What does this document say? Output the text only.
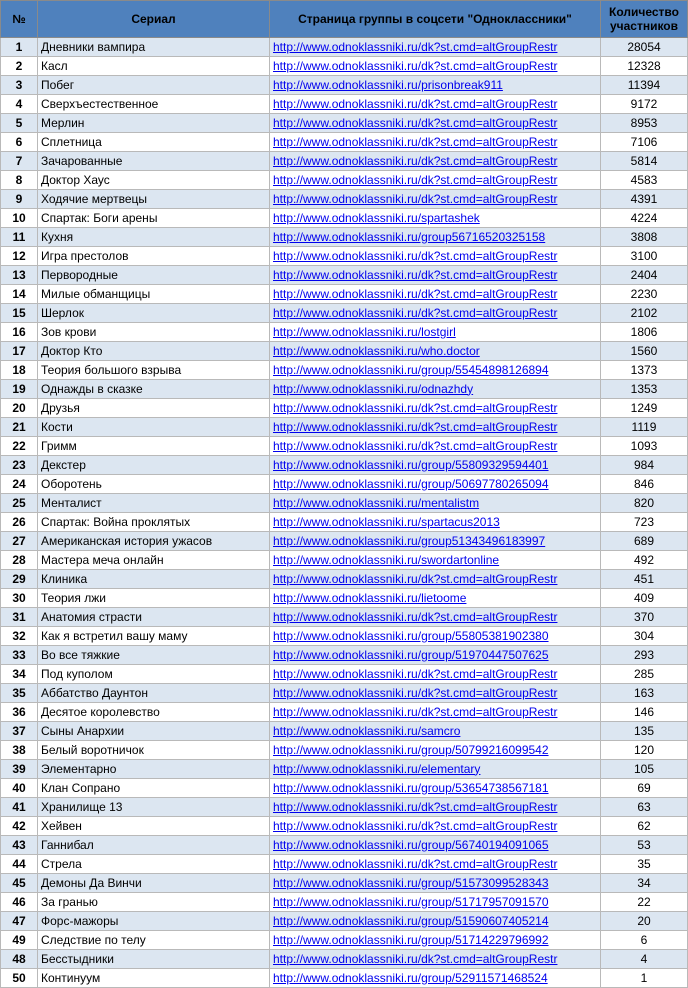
№	Сериал	Страница группы в соцсети "Одноклассники"	Количество участников
1	Дневники вампира	http://www.odnoklassniki.ru/dk?st.cmd=altGroupRestr	28054
2	Касл	http://www.odnoklassniki.ru/dk?st.cmd=altGroupRestr	12328
3	Побег	http://www.odnoklassniki.ru/prisonbreak911	11394
4	Сверхъестественное	http://www.odnoklassniki.ru/dk?st.cmd=altGroupRestr	9172
5	Мерлин	http://www.odnoklassniki.ru/dk?st.cmd=altGroupRestr	8953
6	Сплетница	http://www.odnoklassniki.ru/dk?st.cmd=altGroupRestr	7106
7	Зачарованные	http://www.odnoklassniki.ru/dk?st.cmd=altGroupRestr	5814
8	Доктор Хаус	http://www.odnoklassniki.ru/dk?st.cmd=altGroupRestr	4583
9	Ходячие мертвецы	http://www.odnoklassniki.ru/dk?st.cmd=altGroupRestr	4391
10	Спартак: Боги арены	http://www.odnoklassniki.ru/spartashek	4224
11	Кухня	http://www.odnoklassniki.ru/group56716520325158	3808
12	Игра престолов	http://www.odnoklassniki.ru/dk?st.cmd=altGroupRestr	3100
13	Первородные	http://www.odnoklassniki.ru/dk?st.cmd=altGroupRestr	2404
14	Милые обманщицы	http://www.odnoklassniki.ru/dk?st.cmd=altGroupRestr	2230
15	Шерлок	http://www.odnoklassniki.ru/dk?st.cmd=altGroupRestr	2102
16	Зов крови	http://www.odnoklassniki.ru/lostgirl	1806
17	Доктор Кто	http://www.odnoklassniki.ru/who.doctor	1560
18	Теория большого взрыва	http://www.odnoklassniki.ru/group/55454898126894	1373
19	Однажды в сказке	http://www.odnoklassniki.ru/odnazhdy	1353
20	Друзья	http://www.odnoklassniki.ru/dk?st.cmd=altGroupRestr	1249
21	Кости	http://www.odnoklassniki.ru/dk?st.cmd=altGroupRestr	1119
22	Гримм	http://www.odnoklassniki.ru/dk?st.cmd=altGroupRestr	1093
23	Декстер	http://www.odnoklassniki.ru/group/55809329594401	984
24	Оборотень	http://www.odnoklassniki.ru/group/50697780265094	846
25	Менталист	http://www.odnoklassniki.ru/mentalistm	820
26	Спартак: Война проклятых	http://www.odnoklassniki.ru/spartacus2013	723
27	Американская история ужасов	http://www.odnoklassniki.ru/group51343496183997	689
28	Мастера меча онлайн	http://www.odnoklassniki.ru/swordartonline	492
29	Клиника	http://www.odnoklassniki.ru/dk?st.cmd=altGroupRestr	451
30	Теория лжи	http://www.odnoklassniki.ru/lietoome	409
31	Анатомия страсти	http://www.odnoklassniki.ru/dk?st.cmd=altGroupRestr	370
32	Как я встретил вашу маму	http://www.odnoklassniki.ru/group/55805381902380	304
33	Во все тяжкие	http://www.odnoklassniki.ru/group/51970447507625	293
34	Под куполом	http://www.odnoklassniki.ru/dk?st.cmd=altGroupRestr	285
35	Аббатство Даунтон	http://www.odnoklassniki.ru/dk?st.cmd=altGroupRestr	163
36	Десятое королевство	http://www.odnoklassniki.ru/dk?st.cmd=altGroupRestr	146
37	Сыны Анархии	http://www.odnoklassniki.ru/samcro	135
38	Белый воротничок	http://www.odnoklassniki.ru/group/50799216099542	120
39	Элементарно	http://www.odnoklassniki.ru/elementary	105
40	Клан Сопрано	http://www.odnoklassniki.ru/group/53654738567181	69
41	Хранилище 13	http://www.odnoklassniki.ru/dk?st.cmd=altGroupRestr	63
42	Хейвен	http://www.odnoklassniki.ru/dk?st.cmd=altGroupRestr	62
43	Ганнибал	http://www.odnoklassniki.ru/group/56740194091065	53
44	Стрела	http://www.odnoklassniki.ru/dk?st.cmd=altGroupRestr	35
45	Демоны Да Винчи	http://www.odnoklassniki.ru/group/51573099528343	34
46	За гранью	http://www.odnoklassniki.ru/group/51717957091570	22
47	Форс-мажоры	http://www.odnoklassniki.ru/group/51590607405214	20
49	Следствие по телу	http://www.odnoklassniki.ru/group/51714229796992	6
48	Бесстыдники	http://www.odnoklassniki.ru/dk?st.cmd=altGroupRestr	4
50	Континуум	http://www.odnoklassniki.ru/group/52911571468524	1
